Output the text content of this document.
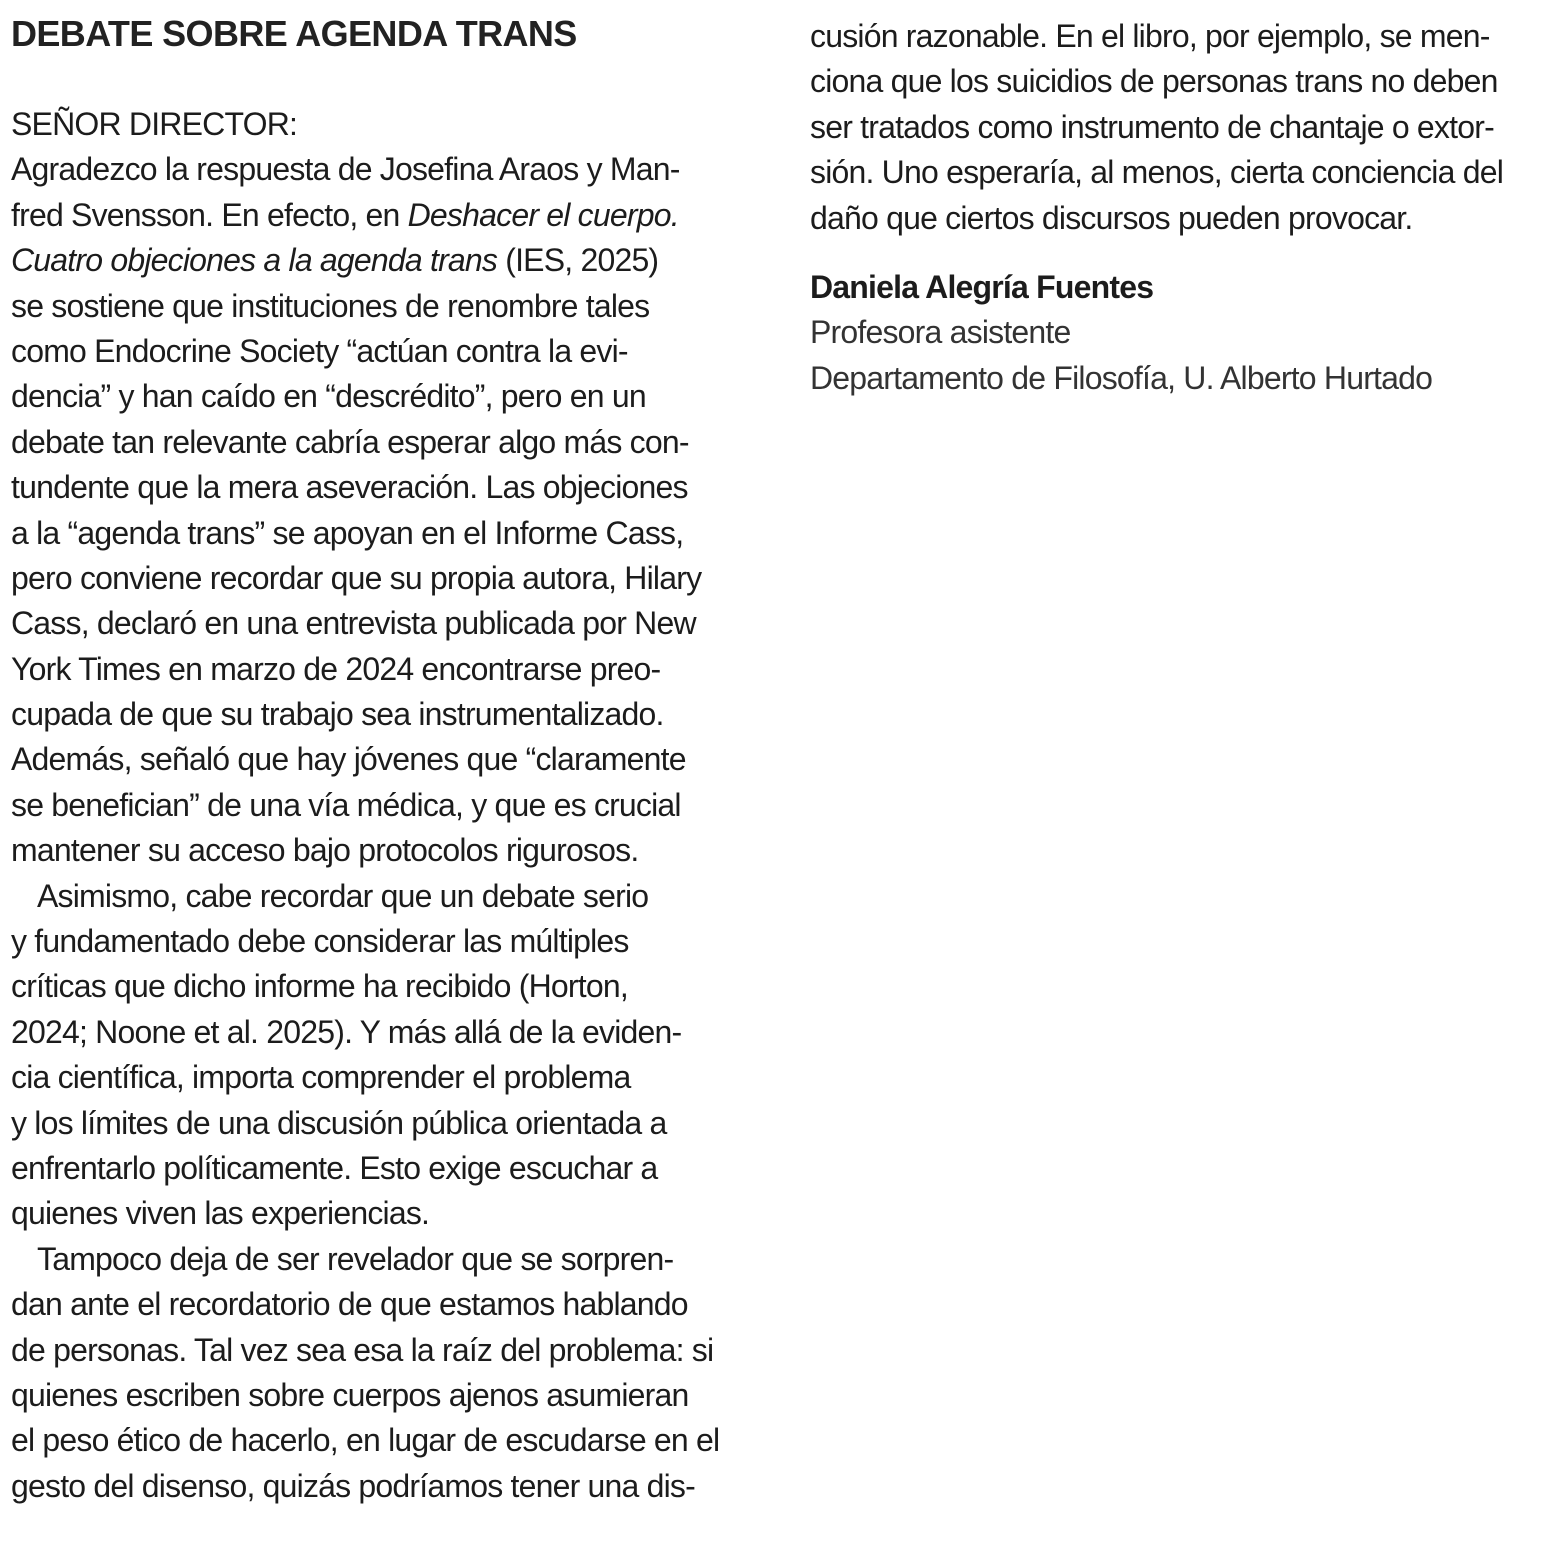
DEBATE SOBRE AGENDA TRANS
SEÑOR DIRECTOR:
Agradezco la respuesta de Josefina Araos y Man-
fred Svensson. En efecto, en Deshacer el cuerpo.
Cuatro objeciones a la agenda trans (IES, 2025)
se sostiene que instituciones de renombre tales
como Endocrine Society “actúan contra la evi-
dencia” y han caído en “descrédito”, pero en un
debate tan relevante cabría esperar algo más con-
tundente que la mera aseveración. Las objeciones
a la “agenda trans” se apoyan en el Informe Cass,
pero conviene recordar que su propia autora, Hilary
Cass, declaró en una entrevista publicada por New
York Times en marzo de 2024 encontrarse preo-
cupada de que su trabajo sea instrumentalizado.
Además, señaló que hay jóvenes que “claramente
se benefician” de una vía médica, y que es crucial
mantener su acceso bajo protocolos rigurosos.
Asimismo, cabe recordar que un debate serio
y fundamentado debe considerar las múltiples
críticas que dicho informe ha recibido (Horton,
2024; Noone et al. 2025). Y más allá de la eviden-
cia científica, importa comprender el problema
y los límites de una discusión pública orientada a
enfrentarlo políticamente. Esto exige escuchar a
quienes viven las experiencias.
Tampoco deja de ser revelador que se sorpren-
dan ante el recordatorio de que estamos hablando
de personas. Tal vez sea esa la raíz del problema: si
quienes escriben sobre cuerpos ajenos asumieran
el peso ético de hacerlo, en lugar de escudarse en el
gesto del disenso, quizás podríamos tener una dis-
cusión razonable. En el libro, por ejemplo, se men-
ciona que los suicidios de personas trans no deben
ser tratados como instrumento de chantaje o extor-
sión. Uno esperaría, al menos, cierta conciencia del
daño que ciertos discursos pueden provocar.
Daniela Alegría Fuentes
Profesora asistente
Departamento de Filosofía, U. Alberto Hurtado
